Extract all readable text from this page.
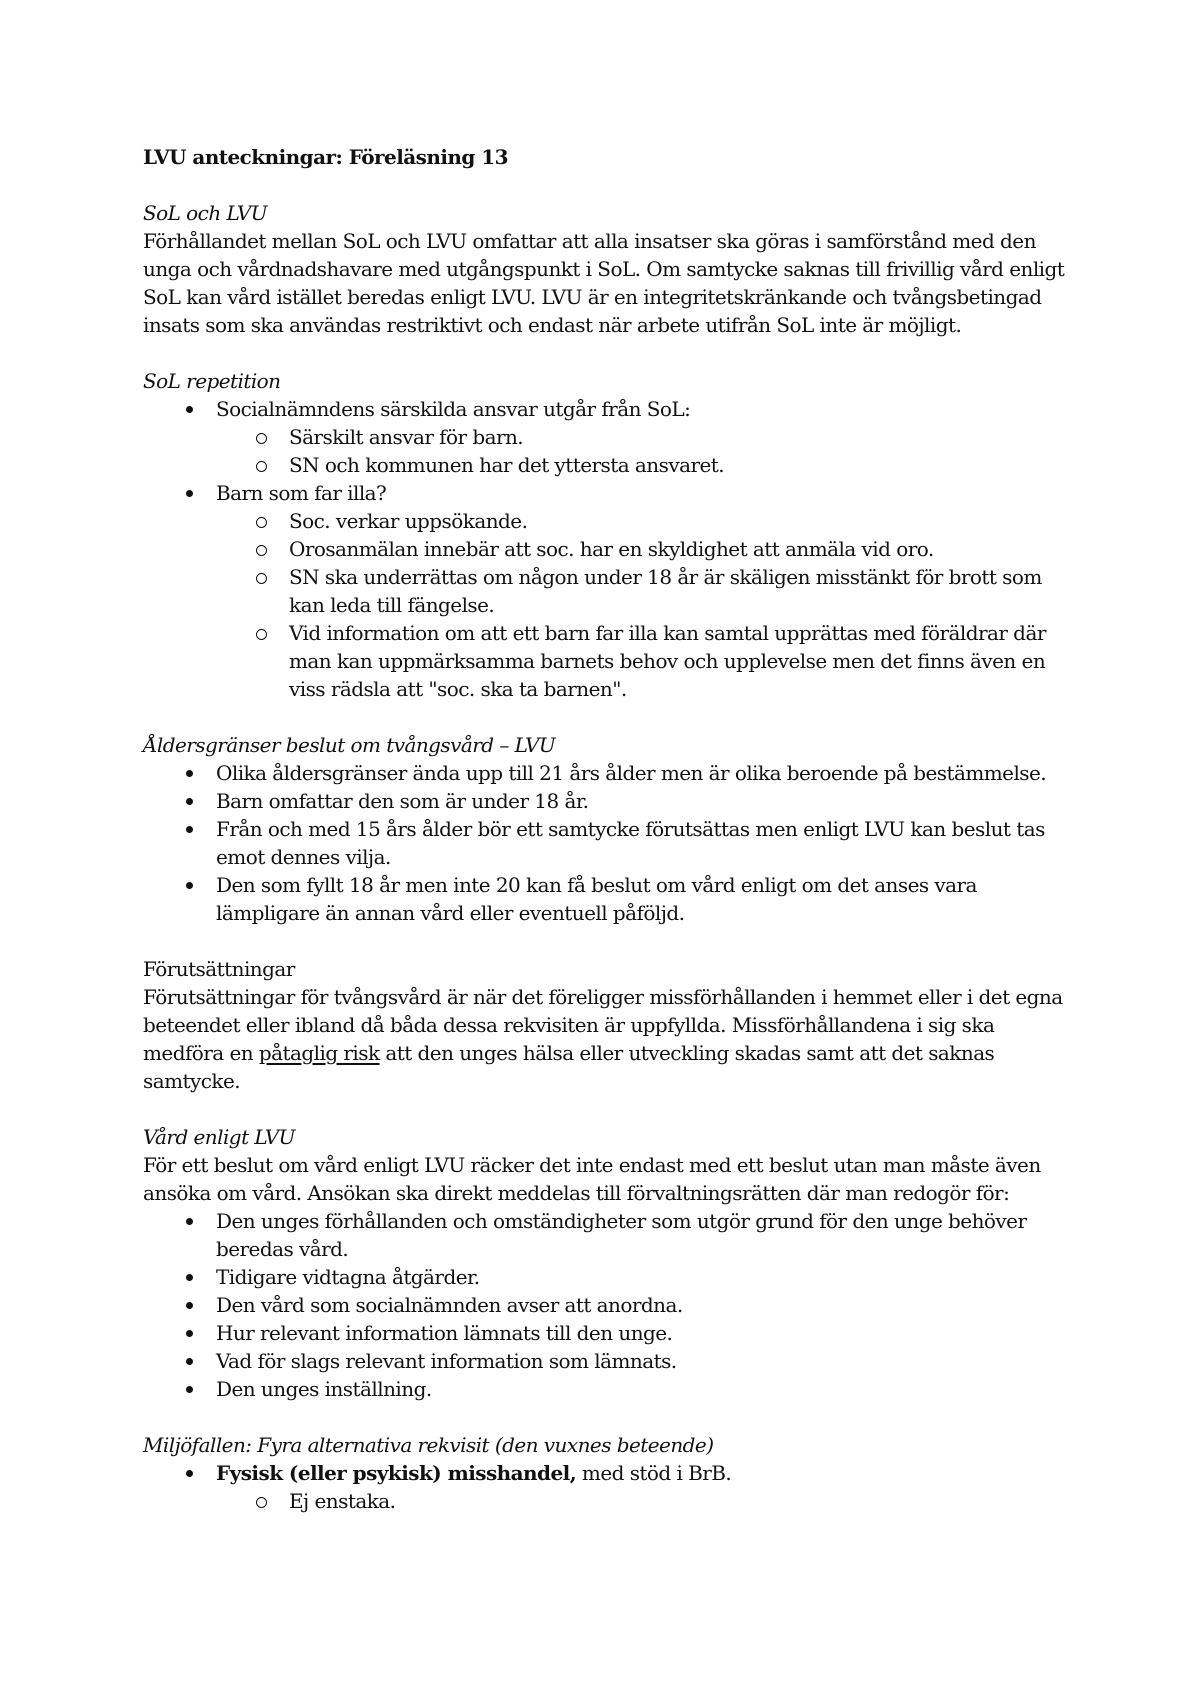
LVU anteckningar: Föreläsning 13
SoL och LVU
Förhållandet mellan SoL och LVU omfattar att alla insatser ska göras i samförstånd med den unga och vårdnadshavare med utgångspunkt i SoL. Om samtycke saknas till frivillig vård enligt SoL kan vård istället beredas enligt LVU. LVU är en integritetskränkande och tvångsbetingad insats som ska användas restriktivt och endast när arbete utifrån SoL inte är möjligt.
SoL repetition
Socialnämndens särskilda ansvar utgår från SoL:
Särskilt ansvar för barn.
SN och kommunen har det yttersta ansvaret.
Barn som far illa?
Soc. verkar uppsökande.
Orosanmälan innebär att soc. har en skyldighet att anmäla vid oro.
SN ska underrättas om någon under 18 år är skäligen misstänkt för brott som kan leda till fängelse.
Vid information om att ett barn far illa kan samtal upprättas med föräldrar där man kan uppmärksamma barnets behov och upplevelse men det finns även en viss rädsla att "soc. ska ta barnen".
Åldersgränser beslut om tvångsvård – LVU
Olika åldersgränser ända upp till 21 års ålder men är olika beroende på bestämmelse.
Barn omfattar den som är under 18 år.
Från och med 15 års ålder bör ett samtycke förutsättas men enligt LVU kan beslut tas emot dennes vilja.
Den som fyllt 18 år men inte 20 kan få beslut om vård enligt om det anses vara lämpligare än annan vård eller eventuell påföljd.
Förutsättningar
Förutsättningar för tvångsvård är när det föreligger missförhållanden i hemmet eller i det egna beteendet eller ibland då båda dessa rekvisiten är uppfyllda. Missförhållandena i sig ska medföra en påtaglig risk att den unges hälsa eller utveckling skadas samt att det saknas samtycke.
Vård enligt LVU
För ett beslut om vård enligt LVU räcker det inte endast med ett beslut utan man måste även ansöka om vård. Ansökan ska direkt meddelas till förvaltningsrätten där man redogör för:
Den unges förhållanden och omständigheter som utgör grund för den unge behöver beredas vård.
Tidigare vidtagna åtgärder.
Den vård som socialnämnden avser att anordna.
Hur relevant information lämnats till den unge.
Vad för slags relevant information som lämnats.
Den unges inställning.
Miljöfallen: Fyra alternativa rekvisit (den vuxnes beteende)
Fysisk (eller psykisk) misshandel, med stöd i BrB.
Ej enstaka.
